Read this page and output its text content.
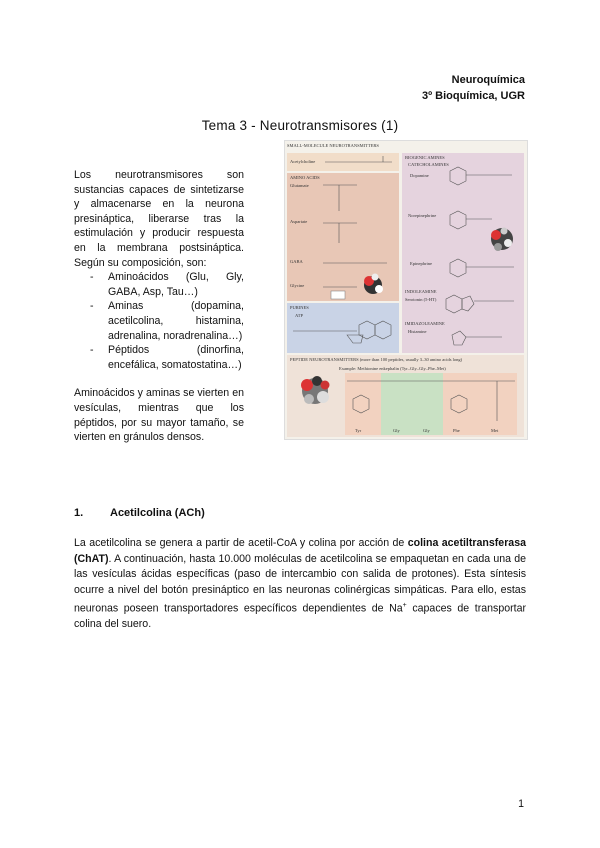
Neuroquímica
3º Bioquímica, UGR
Tema 3 - Neurotransmisores (1)

Los neurotransmisores son sustancias capaces de sintetizarse y almacenarse en la neurona presináptica, liberarse tras la estimulación y producir respuesta en la membrana postsináptica. Según su composición, son:

- Aminoácidos (Glu, Gly, GABA, Asp, Tau…)
- Aminas (dopamina, acetilcolina, histamina, adrenalina, noradrenalina…)
- Péptidos (dinorfina, encefálica, somatostatina…)

Aminoácidos y aminas se vierten en vesículas, mientras que los péptidos, por su mayor tamaño, se vierten en gránulos densos.

SMALL-MOLECULE NEUROTRANSMITTERS
Acetylcholine
AMINO ACIDS
Glutamate
Aspartate
GABA
Glycine
PURINES
ATP
BIOGENIC AMINES
CATECHOLAMINES
Dopamine
Norepinephrine
Epinephrine
INDOLEAMINE
Serotonin (5-HT)
IMIDAZOLEAMINE
Histamine
PEPTIDE NEUROTRANSMITTERS (more than 100 peptides, usually 3–30 amino acids long)
Example: Methionine enkephalin (Tyr–Gly–Gly–Phe–Met)
Tyr	Gly	Gly	Phe	Met
1. Acetilcolina (ACh)
La acetilcolina se genera a partir de acetil-CoA y colina por acción de colina acetiltransferasa (ChAT). A continuación, hasta 10.000 moléculas de acetilcolina se empaquetan en cada una de las vesículas ácidas específicas (paso de intercambio con salida de protones). Esta síntesis ocurre a nivel del botón presináptico en las neuronas colinérgicas simpáticas. Para ello, estas neuronas poseen transportadores específicos dependientes de Na+ capaces de transportar colina del suero.
1
